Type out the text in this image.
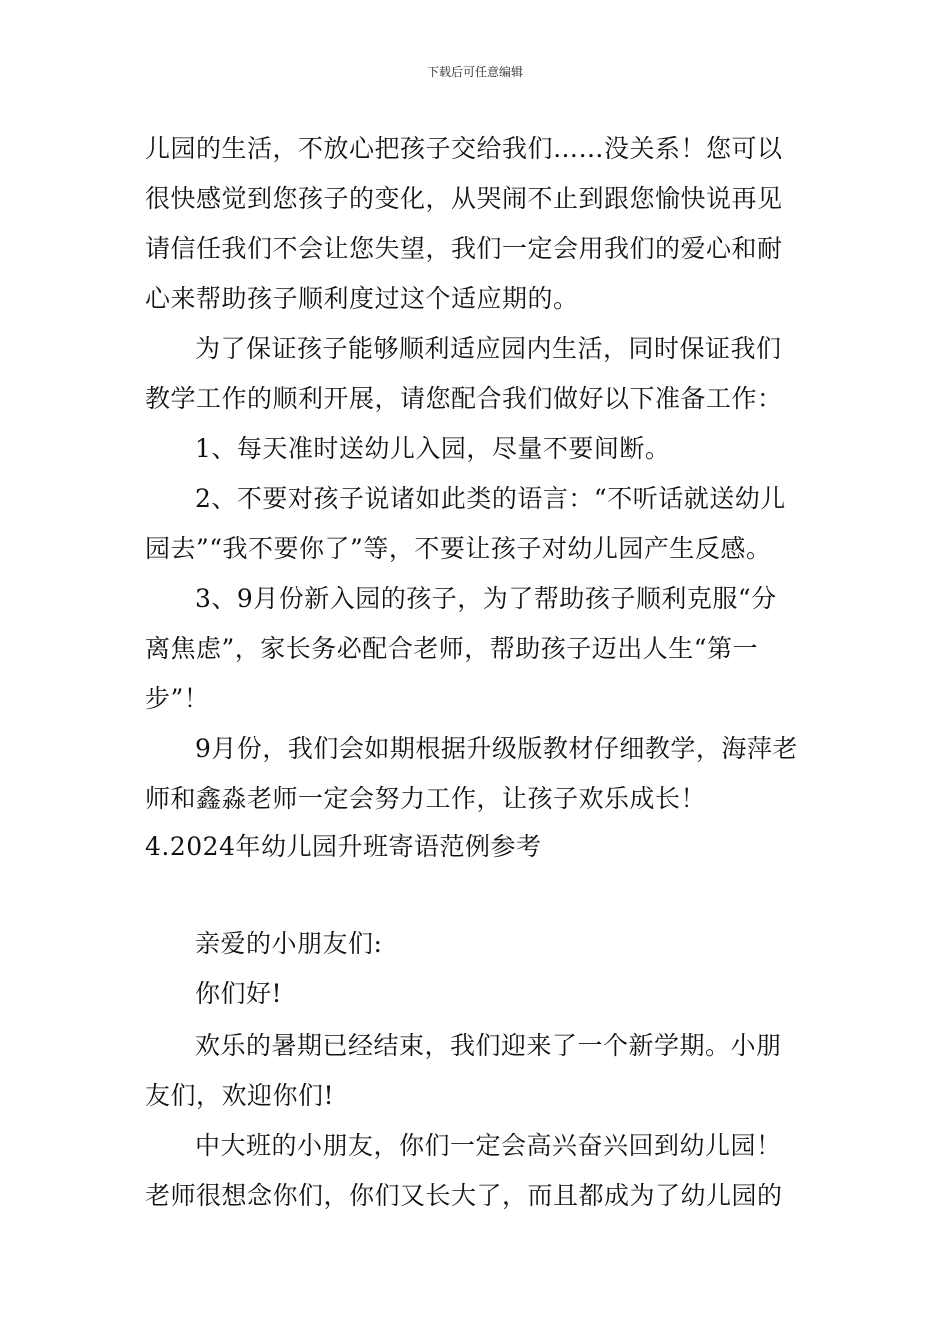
下载后可任意编辑
儿园的生活，不放心把孩子交给我们……没关系！您可以
很快感觉到您孩子的变化，从哭闹不止到跟您愉快说再见
请信任我们不会让您失望，我们一定会用我们的爱心和耐
心来帮助孩子顺利度过这个适应期的。
为了保证孩子能够顺利适应园内生活，同时保证我们
教学工作的顺利开展，请您配合我们做好以下准备工作：
1、每天准时送幼儿入园，尽量不要间断。
2、不要对孩子说诸如此类的语言：“不听话就送幼儿
园去”“我不要你了”等，不要让孩子对幼儿园产生反感。
3、9月份新入园的孩子，为了帮助孩子顺利克服“分
离焦虑”，家长务必配合老师，帮助孩子迈出人生“第一
步”！
9月份，我们会如期根据升级版教材仔细教学，海萍老
师和鑫淼老师一定会努力工作，让孩子欢乐成长！
4.2024年幼儿园升班寄语范例参考
亲爱的小朋友们:
你们好!
欢乐的暑期已经结束，我们迎来了一个新学期。小朋
友们，欢迎你们!
中大班的小朋友，你们一定会高兴奋兴回到幼儿园！
老师很想念你们，你们又长大了，而且都成为了幼儿园的
